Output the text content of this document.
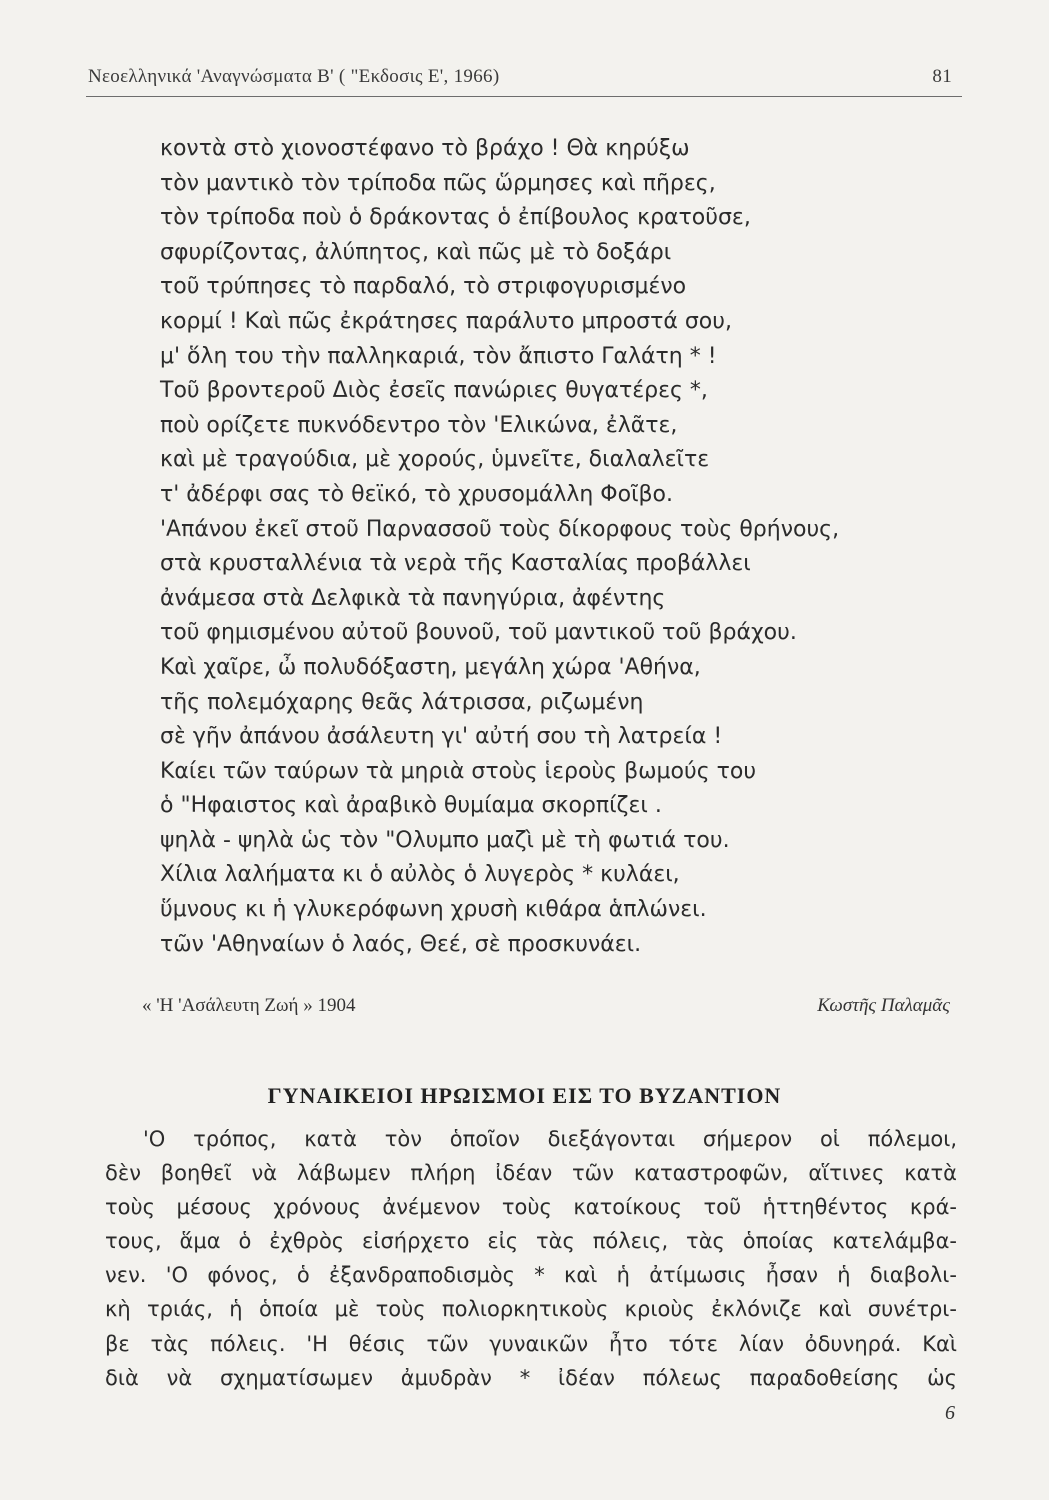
Νεοελληνικά 'Αναγνώσματα Β' ( "Εκδοσις Ε', 1966)	81
κοντὰ στὸ χιονοστέφανο τὸ βράχο ! Θὰ κηρύξω
τὸν μαντικὸ τὸν τρίποδα πῶς ὥρμησες καὶ πῆρες,
τὸν τρίποδα ποὺ ὁ δράκοντας ὁ ἐπίβουλος κρατοῦσε,
σφυρίζοντας, ἀλύπητος, καὶ πῶς μὲ τὸ δοξάρι
τοῦ τρύπησες τὸ παρδαλό, τὸ στριφογυρισμένο
κορμί ! Καὶ πῶς ἐκράτησες παράλυτο μπροστά σου,
μ' ὅλη του τὴν παλληκαριά, τὸν ἄπιστο Γαλάτη * !
Τοῦ βροντεροῦ Διὸς ἐσεῖς πανώριες θυγατέρες *,
ποὺ ορίζετε πυκνόδεντρο τὸν 'Ελικώνα, ἐλᾶτε,
καὶ μὲ τραγούδια, μὲ χορούς, ὑμνεῖτε, διαλαλεῖτε
τ' ἀδέρφι σας τὸ θεϊκό, τὸ χρυσομάλλη Φοῖβο.
'Απάνου ἐκεῖ στοῦ Παρνασσοῦ τοὺς δίκορφους τοὺς θρήνους,
στὰ κρυσταλλένια τὰ νερὰ τῆς Κασταλίας προβάλλει
ἀνάμεσα στὰ Δελφικὰ τὰ πανηγύρια, ἀφέντης
τοῦ φημισμένου αὐτοῦ βουνοῦ, τοῦ μαντικοῦ τοῦ βράχου.
Καὶ χαῖρε, ὦ πολυδόξαστη, μεγάλη χώρα 'Αθήνα,
τῆς πολεμόχαρης θεᾶς λάτρισσα, ριζωμένη
σὲ γῆν ἀπάνου ἀσάλευτη γι' αὐτή σου τὴ λατρεία !
Καίει τῶν ταύρων τὰ μηριὰ στοὺς ἱεροὺς βωμούς του
ὁ "Ηφαιστος καὶ ἀραβικὸ θυμίαμα σκορπίζει .
ψηλὰ - ψηλὰ ὡς τὸν "Ολυμπο μαζὶ μὲ τὴ φωτιά του.
Χίλια λαλήματα κι ὁ αὐλὸς ὁ λυγερὸς * κυλάει,
ὕμνους κι ἡ γλυκερόφωνη χρυσὴ κιθάρα ἁπλώνει.
τῶν 'Αθηναίων ὁ λαός, Θεέ, σὲ προσκυνάει.
« 'Η 'Ασάλευτη Ζωή » 1904	Κωστῆς Παλαμᾶς
ΓΥΝΑΙΚΕΙΟΙ ΗΡΩΙΣΜΟΙ ΕΙΣ ΤΟ ΒΥΖΑΝΤΙΟΝ
'Ο τρόπος, κατὰ τὸν ὁποῖον διεξάγονται σήμερον οἱ πόλεμοι,
δὲν βοηθεῖ νὰ λάβωμεν πλήρη ἰδέαν τῶν καταστροφῶν, αἵτινες κατὰ
τοὺς μέσους χρόνους ἀνέμενον τοὺς κατοίκους τοῦ ἡττηθέντος κρά-
τους, ἅμα ὁ ἐχθρὸς εἰσήρχετο εἰς τὰς πόλεις, τὰς ὁποίας κατελάμβα-
νεν. 'Ο φόνος, ὁ ἐξανδραποδισμὸς * καὶ ἡ ἀτίμωσις ἦσαν ἡ διαβολι-
κὴ τριάς, ἡ ὁποία μὲ τοὺς πολιορκητικοὺς κριοὺς ἐκλόνιζε καὶ συνέτρι-
βε τὰς πόλεις. 'Η θέσις τῶν γυναικῶν ἦτο τότε λίαν ὀδυνηρά. Καὶ
διὰ νὰ σχηματίσωμεν ἀμυδρὰν * ἰδέαν πόλεως παραδοθείσης ὡς
6
